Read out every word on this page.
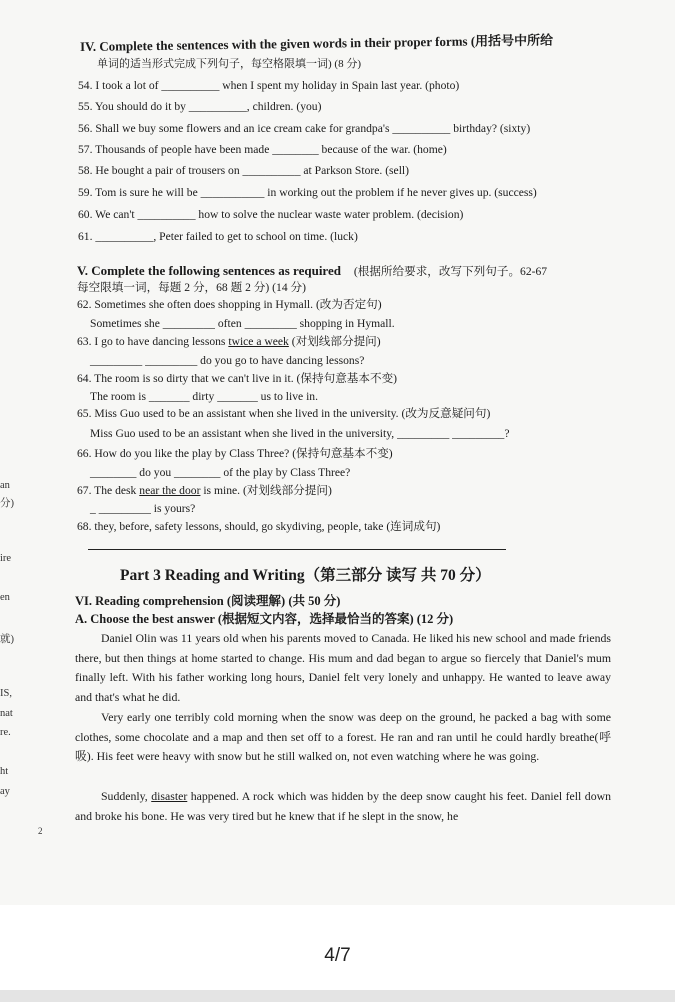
IV. Complete the sentences with the given words in their proper forms (用括号中所给
单词的适当形式完成下列句子，每空格限填一词) (8 分)
54. I took a lot of __________ when I spent my holiday in Spain last year. (photo)
55. You should do it by __________, children. (you)
56. Shall we buy some flowers and an ice cream cake for grandpa's __________ birthday? (sixty)
57. Thousands of people have been made ________ because of the war. (home)
58. He bought a pair of trousers on __________ at Parkson Store. (sell)
59. Tom is sure he will be ___________ in working out the problem if he never gives up. (success)
60. We can't __________ how to solve the nuclear waste water problem. (decision)
61. __________, Peter failed to get to school on time. (luck)
V. Complete the following sentences as required (根据所给要求，改写下列句子。62-67
每空限填一词，每题 2 分，68 题 2 分) (14 分)
62. Sometimes she often does shopping in Hymall. (改为否定句)
Sometimes she _________ often _________ shopping in Hymall.
63. I go to have dancing lessons twice a week (对划线部分提问)
_________ _________ do you go to have dancing lessons?
64. The room is so dirty that we can't live in it. (保持句意基本不变)
The room is _______ dirty _______ us to live in.
65. Miss Guo used to be an assistant when she lived in the university. (改为反意疑问句)
Miss Guo used to be an assistant when she lived in the university, _________ _________?
66. How do you like the play by Class Three? (保持句意基本不变)
________ do you ________ of the play by Class Three?
67. The desk near the door is mine. (对划线部分提问)
_ _________ is yours?
68. they, before, safety lessons, should, go skydiving, people, take (连词成句)
Part 3 Reading and Writing（第三部分 读写 共 70 分）
VI. Reading comprehension (阅读理解) (共 50 分)
A. Choose the best answer (根据短文内容，选择最恰当的答案) (12 分)
Daniel Olin was 11 years old when his parents moved to Canada. He liked his new school and made friends there, but then things at home started to change. His mum and dad began to argue so fiercely that Daniel's mum finally left. With his father working long hours, Daniel felt very lonely and unhappy. He wanted to leave away and that's what he did.
Very early one terribly cold morning when the snow was deep on the ground, he packed a bag with some clothes, some chocolate and a map and then set off to a forest. He ran and ran until he could hardly breathe(呼吸). His feet were heavy with snow but he still walked on, not even watching where he was going.
Suddenly, disaster happened. A rock which was hidden by the deep snow caught his feet. Daniel fell down and broke his bone. He was very tired but he knew that if he slept in the snow, he
an
分)
ire
en
就)
IS,
nat
re.
ht
ay
2
4/7
